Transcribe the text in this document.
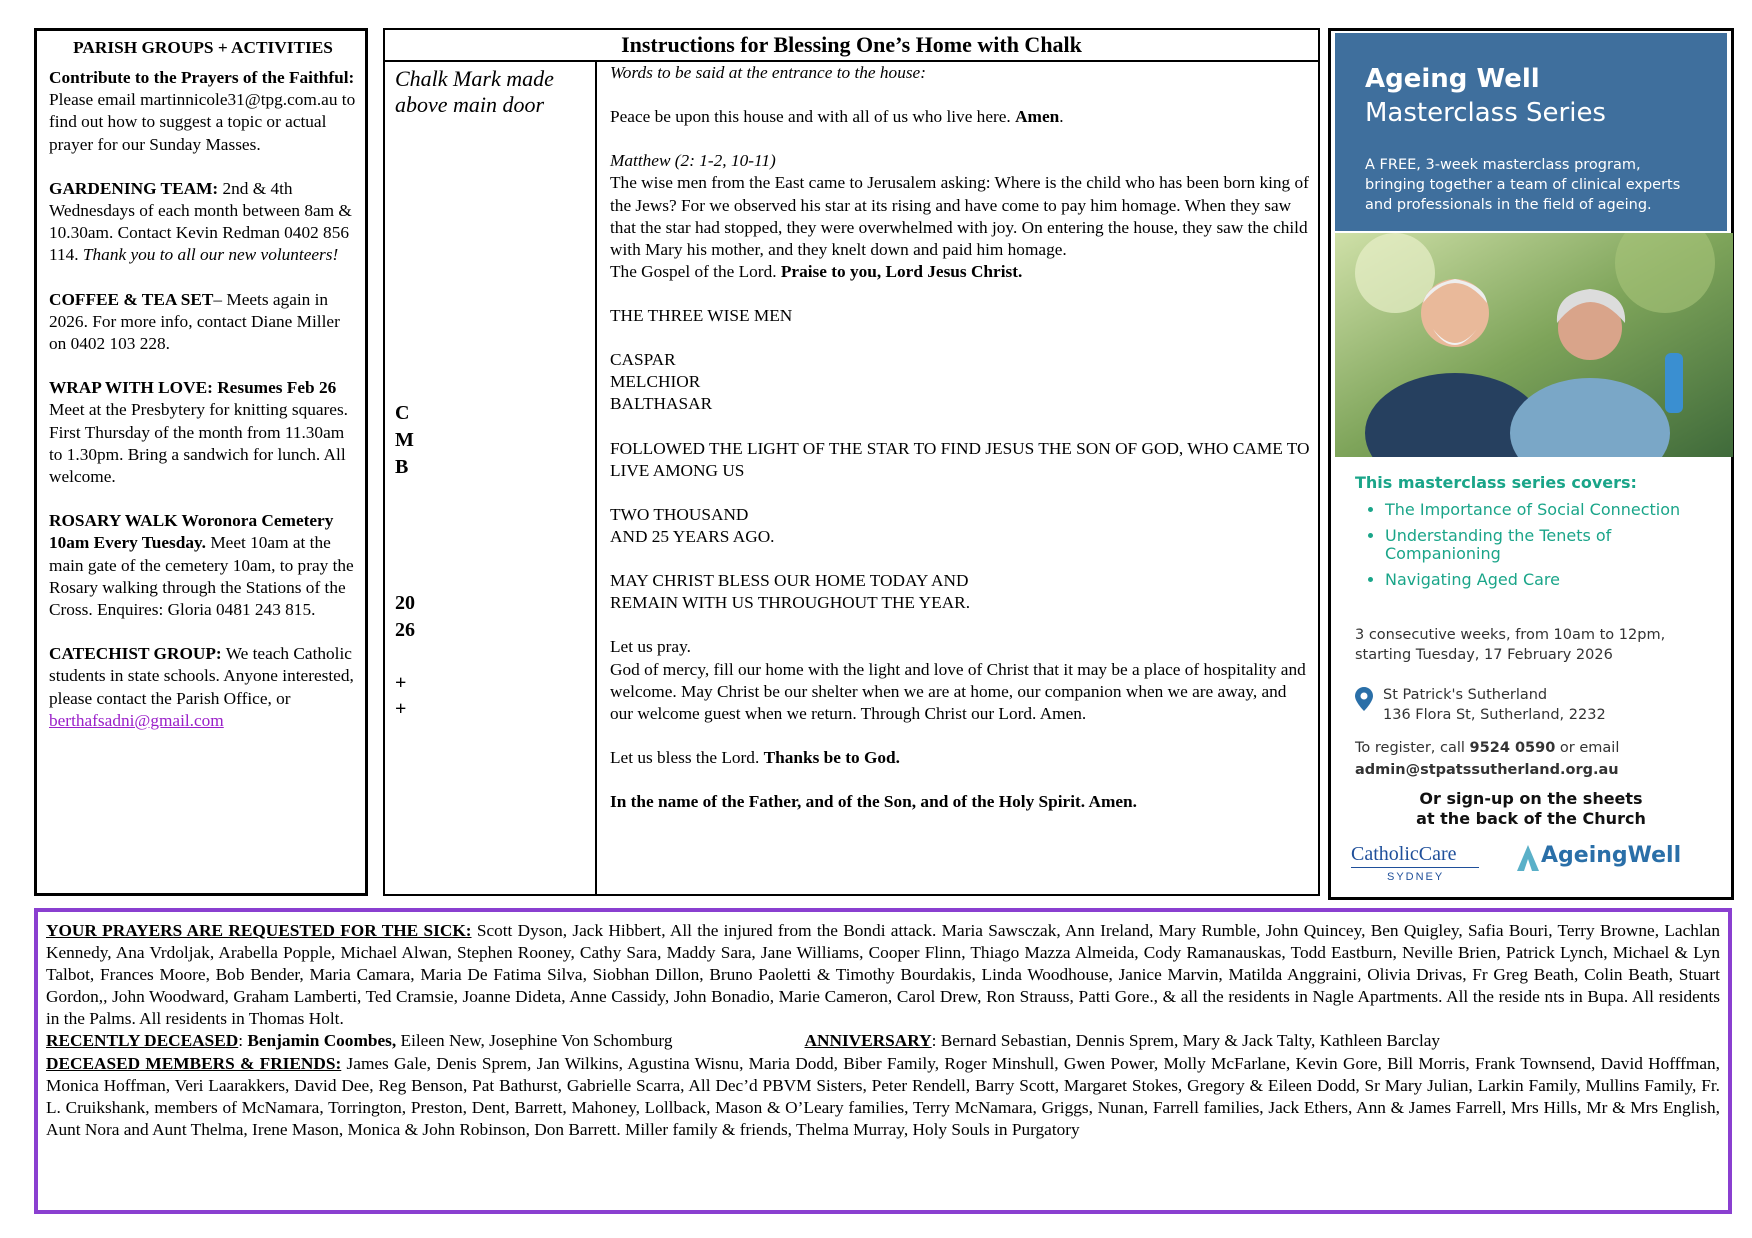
PARISH GROUPS + ACTIVITIES

Contribute to the Prayers of the Faithful: Please email martinnicole31@tpg.com.au to find out how to suggest a topic or actual prayer for our Sunday Masses.

GARDENING TEAM: 2nd & 4th Wednesdays of each month between 8am & 10.30am. Contact Kevin Redman 0402 856 114. Thank you to all our new volunteers!

COFFEE & TEA SET– Meets again in 2026. For more info, contact Diane Miller on 0402 103 228.

WRAP WITH LOVE: Resumes Feb 26 Meet at the Presbytery for knitting squares. First Thursday of the month from 11.30am to 1.30pm. Bring a sandwich for lunch. All welcome.

ROSARY WALK Woronora Cemetery 10am Every Tuesday. Meet 10am at the main gate of the cemetery 10am, to pray the Rosary walking through the Stations of the Cross. Enquires: Gloria 0481 243 815.

CATECHIST GROUP: We teach Catholic students in state schools. Anyone interested, please contact the Parish Office, or berthafsadni@gmail.com

Instructions for Blessing One’s Home with Chalk
Chalk Mark made above main door
C
M
B
20
26
+
+

Words to be said at the entrance to the house:

Peace be upon this house and with all of us who live here. Amen.

Matthew (2: 1-2, 10-11)
The wise men from the East came to Jerusalem asking: Where is the child who has been born king of the Jews? For we observed his star at its rising and have come to pay him homage. When they saw that the star had stopped, they were overwhelmed with joy. On entering the house, they saw the child with Mary his mother, and they knelt down and paid him homage.
The Gospel of the Lord. Praise to you, Lord Jesus Christ.

THE THREE WISE MEN

CASPAR
MELCHIOR
BALTHASAR

FOLLOWED THE LIGHT OF THE STAR TO FIND JESUS THE SON OF GOD, WHO CAME TO LIVE AMONG US

TWO THOUSAND
AND 25 YEARS AGO.

MAY CHRIST BLESS OUR HOME TODAY AND
REMAIN WITH US THROUGHOUT THE YEAR.

Let us pray.
God of mercy, fill our home with the light and love of Christ that it may be a place of hospitality and welcome. May Christ be our shelter when we are at home, our companion when we are away, and our welcome guest when we return. Through Christ our Lord. Amen.

Let us bless the Lord. Thanks be to God.

In the name of the Father, and of the Son, and of the Holy Spirit. Amen.

Ageing Well
Masterclass Series
A FREE, 3-week masterclass program, bringing together a team of clinical experts and professionals in the field of ageing.
This masterclass series covers:
• The Importance of Social Connection
• Understanding the Tenets of Companioning
• Navigating Aged Care
3 consecutive weeks, from 10am to 12pm, starting Tuesday, 17 February 2026
St Patrick's Sutherland
136 Flora St, Sutherland, 2232
To register, call 9524 0590 or email
admin@stpatssutherland.org.au
Or sign-up on the sheets
at the back of the Church
CatholicCare
SYDNEY
AgeingWell

YOUR PRAYERS ARE REQUESTED FOR THE SICK: Scott Dyson, Jack Hibbert, All the injured from the Bondi attack. Maria Sawsczak, Ann Ireland, Mary Rumble, John Quincey, Ben Quigley, Safia Bouri, Terry Browne, Lachlan Kennedy, Ana Vrdoljak, Arabella Popple, Michael Alwan, Stephen Rooney, Cathy Sara, Maddy Sara, Jane Williams, Cooper Flinn, Thiago Mazza Almeida, Cody Ramanauskas, Todd Eastburn, Neville Brien, Patrick Lynch, Michael & Lyn Talbot, Frances Moore, Bob Bender, Maria Camara, Maria De Fatima Silva, Siobhan Dillon, Bruno Paoletti & Timothy Bourdakis, Linda Woodhouse, Janice Marvin, Matilda Anggraini, Olivia Drivas, Fr Greg Beath, Colin Beath, Stuart Gordon,, John Woodward, Graham Lamberti, Ted Cramsie, Joanne Dideta, Anne Cassidy, John Bonadio, Marie Cameron, Carol Drew, Ron Strauss, Patti Gore., & all the residents in Nagle Apartments. All the reside nts in Bupa. All residents in the Palms. All residents in Thomas Holt.

RECENTLY DECEASED: Benjamin Coombes, Eileen New, Josephine Von Schomburg	ANNIVERSARY: Bernard Sebastian, Dennis Sprem, Mary & Jack Talty, Kathleen Barclay

DECEASED MEMBERS & FRIENDS: James Gale, Denis Sprem, Jan Wilkins, Agustina Wisnu, Maria Dodd, Biber Family, Roger Minshull, Gwen Power, Molly McFarlane, Kevin Gore, Bill Morris, Frank Townsend, David Hofffman, Monica Hoffman, Veri Laarakkers, David Dee, Reg Benson, Pat Bathurst, Gabrielle Scarra, All Dec’d PBVM Sisters, Peter Rendell, Barry Scott, Margaret Stokes, Gregory & Eileen Dodd, Sr Mary Julian, Larkin Family, Mullins Family, Fr. L. Cruikshank, members of McNamara, Torrington, Preston, Dent, Barrett, Mahoney, Lollback, Mason & O’Leary families, Terry McNamara, Griggs, Nunan, Farrell families, Jack Ethers, Ann & James Farrell, Mrs Hills, Mr & Mrs English, Aunt Nora and Aunt Thelma, Irene Mason, Monica & John Robinson, Don Barrett. Miller family & friends, Thelma Murray, Holy Souls in Purgatory
